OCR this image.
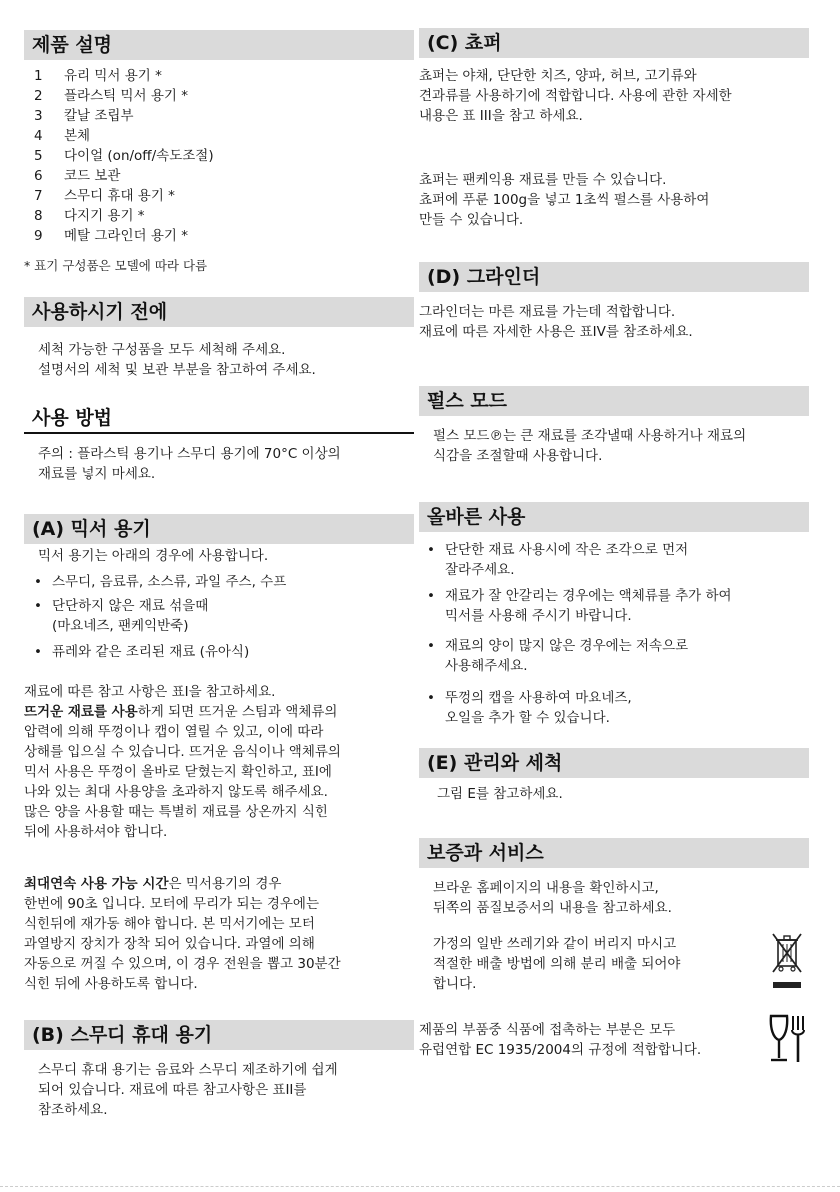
제품 설명
1	유리 믹서 용기 *
2	플라스틱 믹서 용기 *
3	칼날 조립부
4	본체
5	다이얼 (on/off/속도조절)
6	코드 보관
7	스무디 휴대 용기 *
8	다지기 용기 *
9	메탈 그라인더 용기 *
* 표기 구성품은 모델에 따라 다름
사용하시기 전에
세척 가능한 구성품을 모두 세척해 주세요.
설명서의 세척 및 보관 부분을 참고하여 주세요.
사용 방법
주의 : 플라스틱 용기나 스무디 용기에 70°C 이상의
재료를 넣지 마세요.
(A) 믹서 용기
믹서 용기는 아래의 경우에 사용합니다.
• 스무디, 음료류, 소스류, 과일 주스, 수프
• 단단하지 않은 재료 섞을때
(마요네즈, 팬케익반죽)
• 퓨레와 같은 조리된 재료 (유아식)
재료에 따른 참고 사항은 표I을 참고하세요.
뜨거운 재료를 사용하게 되면 뜨거운 스팀과 액체류의
압력에 의해 뚜껑이나 캡이 열릴 수 있고, 이에 따라
상해를 입으실 수 있습니다. 뜨거운 음식이나 액체류의
믹서 사용은 뚜껑이 올바로 닫혔는지 확인하고, 표I에
나와 있는 최대 사용양을 초과하지 않도록 해주세요.
많은 양을 사용할 때는 특별히 재료를 상온까지 식힌
뒤에 사용하셔야 합니다.
최대연속 사용 가능 시간은 믹서용기의 경우
한번에 90초 입니다. 모터에 무리가 되는 경우에는
식힌뒤에 재가동 해야 합니다. 본 믹서기에는 모터
과열방지 장치가 장착 되어 있습니다. 과열에 의해
자동으로 꺼질 수 있으며, 이 경우 전원을 뽑고 30분간
식힌 뒤에 사용하도록 합니다.
(B) 스무디 휴대 용기
스무디 휴대 용기는 음료와 스무디 제조하기에 쉽게
되어 있습니다. 재료에 따른 참고사항은 표II를
참조하세요.
(C) 쵸퍼
쵸퍼는 야채, 단단한 치즈, 양파, 허브, 고기류와
견과류를 사용하기에 적합합니다. 사용에 관한 자세한
내용은 표 III을 참고 하세요.
쵸퍼는 팬케익용 재료를 만들 수 있습니다.
쵸퍼에 푸룬 100g을 넣고 1초씩 펄스를 사용하여
만들 수 있습니다.
(D) 그라인더
그라인더는 마른 재료를 가는데 적합합니다.
재료에 따른 자세한 사용은 표IV를 참조하세요.
펄스 모드
펄스 모드℗는 큰 재료를 조각낼때 사용하거나 재료의
식감을 조절할때 사용합니다.
올바른 사용
• 단단한 재료 사용시에 작은 조각으로 먼저
잘라주세요.
• 재료가 잘 안갈리는 경우에는 액체류를 추가 하여
믹서를 사용해 주시기 바랍니다.
• 재료의 양이 많지 않은 경우에는 저속으로
사용해주세요.
• 뚜껑의 캡을 사용하여 마요네즈,
오일을 추가 할 수 있습니다.
(E) 관리와 세척
그림 E를 참고하세요.
보증과 서비스
브라운 홈페이지의 내용을 확인하시고,
뒤쪽의 품질보증서의 내용을 참고하세요.
가정의 일반 쓰레기와 같이 버리지 마시고
적절한 배출 방법에 의해 분리 배출 되어야
합니다.
제품의 부품중 식품에 접촉하는 부분은 모두
유럽연합 EC 1935/2004의 규정에 적합합니다.
